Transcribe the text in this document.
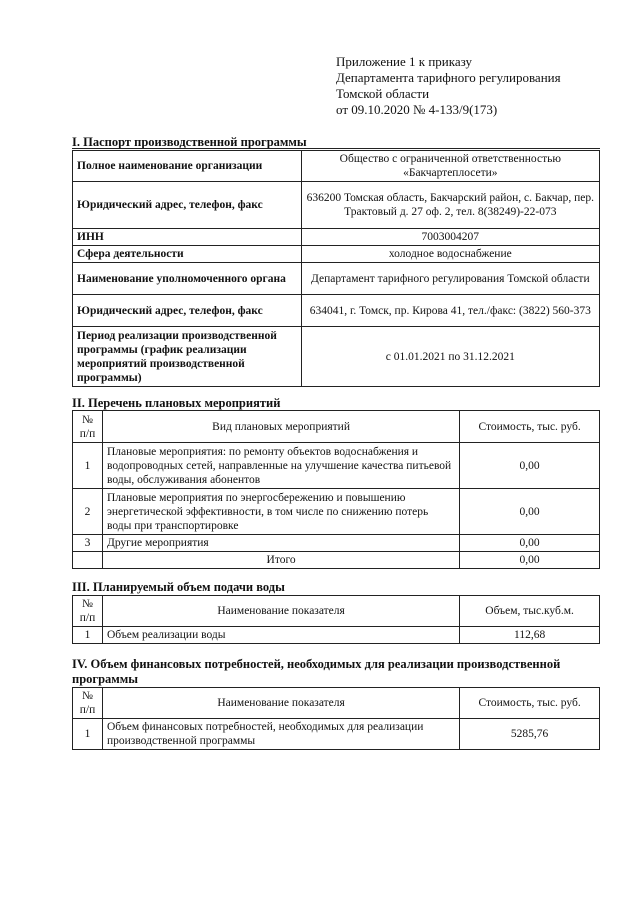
Приложение 1 к приказу
Департамента тарифного регулирования
Томской области
от 09.10.2020 № 4-133/9(173)
I. Паспорт производственной программы
Полное наименование организации	Общество с ограниченной ответственностью «Бакчартеплосети»
Юридический адрес, телефон, факс	636200 Томская область, Бакчарский район, с. Бакчар, пер. Трактовый д. 27 оф. 2, тел. 8(38249)-22-073
ИНН	7003004207
Сфера деятельности	холодное водоснабжение
Наименование уполномоченного органа	Департамент тарифного регулирования Томской области
Юридический адрес, телефон, факс	634041, г. Томск, пр. Кирова 41, тел./факс: (3822) 560-373
Период реализации производственной программы (график реализации мероприятий производственной программы)	с 01.01.2021 по 31.12.2021
II. Перечень плановых мероприятий
№ п/п	Вид плановых мероприятий	Стоимость, тыс. руб.
1	Плановые мероприятия: по ремонту объектов водоснабжения и водопроводных сетей, направленные на улучшение качества питьевой воды, обслуживания абонентов	0,00
2	Плановые мероприятия по энергосбережению и повышению энергетической эффективности, в том числе по снижению потерь воды при транспортировке	0,00
3	Другие мероприятия	0,00
	Итого	0,00
III. Планируемый объем подачи воды
№ п/п	Наименование показателя	Объем, тыс.куб.м.
1	Объем реализации воды	112,68
IV. Объем финансовых потребностей, необходимых для реализации производственной
программы
№ п/п	Наименование показателя	Стоимость, тыс. руб.
1	Объем финансовых потребностей, необходимых для реализации производственной программы	5285,76
